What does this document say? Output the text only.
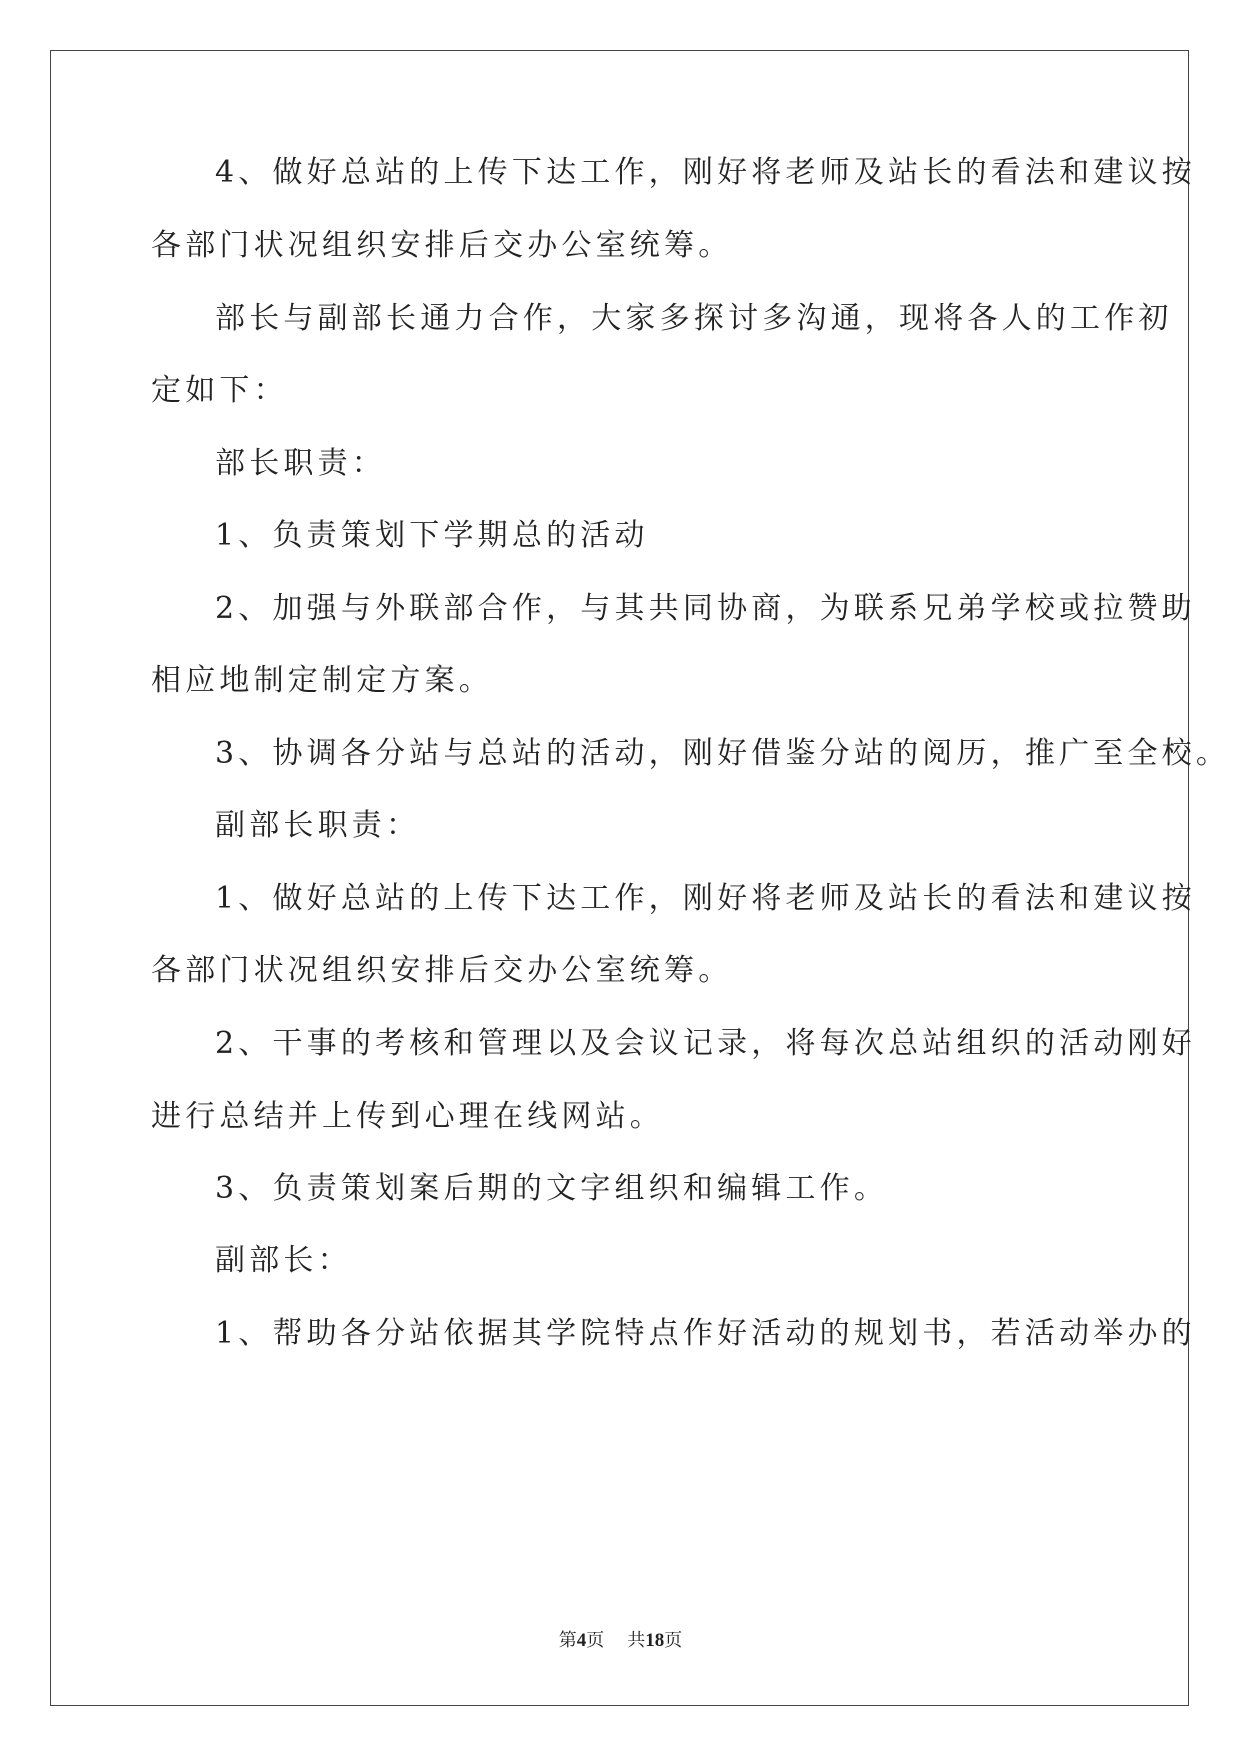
4、做好总站的上传下达工作，刚好将老师及站长的看法和建议按
各部门状况组织安排后交办公室统筹。
部长与副部长通力合作，大家多探讨多沟通，现将各人的工作初
定如下：
部长职责：
1、负责策划下学期总的活动
2、加强与外联部合作，与其共同协商，为联系兄弟学校或拉赞助
相应地制定制定方案。
3、协调各分站与总站的活动，刚好借鉴分站的阅历，推广至全校。
副部长职责：
1、做好总站的上传下达工作，刚好将老师及站长的看法和建议按
各部门状况组织安排后交办公室统筹。
2、干事的考核和管理以及会议记录，将每次总站组织的活动刚好
进行总结并上传到心理在线网站。
3、负责策划案后期的文字组织和编辑工作。
副部长：
1、帮助各分站依据其学院特点作好活动的规划书，若活动举办的
第4页 共18页
